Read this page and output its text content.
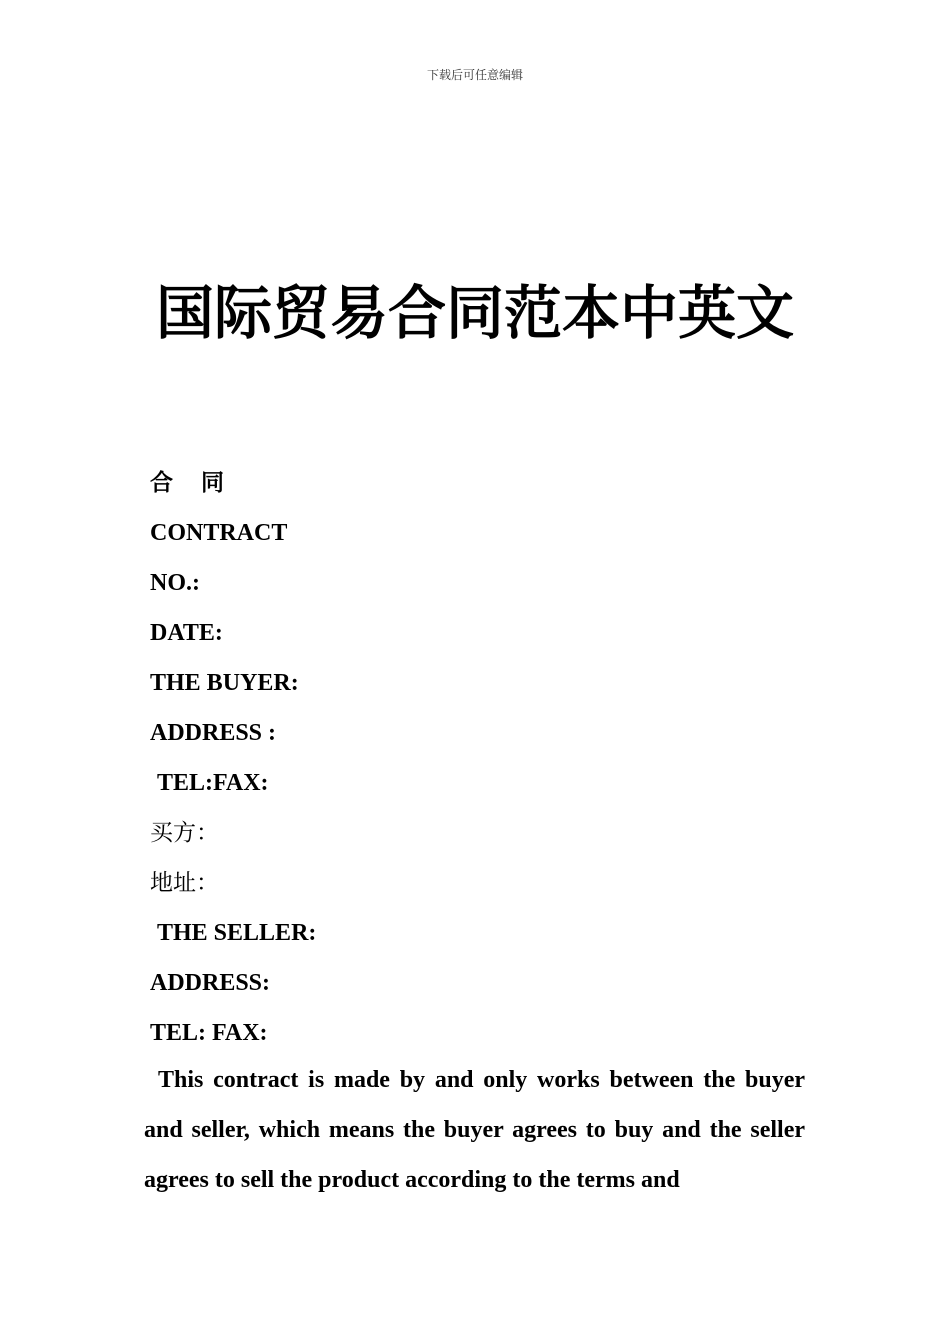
下载后可任意编辑
国际贸易合同范本中英文
合 同
CONTRACT
NO.:
DATE:
THE BUYER:
ADDRESS :
TEL:FAX:
买方：
地址：
THE SELLER:
ADDRESS:
TEL: FAX:
This contract is made by and only works between the buyer and seller, which means the buyer agrees to buy and the seller agrees to sell the product according to the terms and
